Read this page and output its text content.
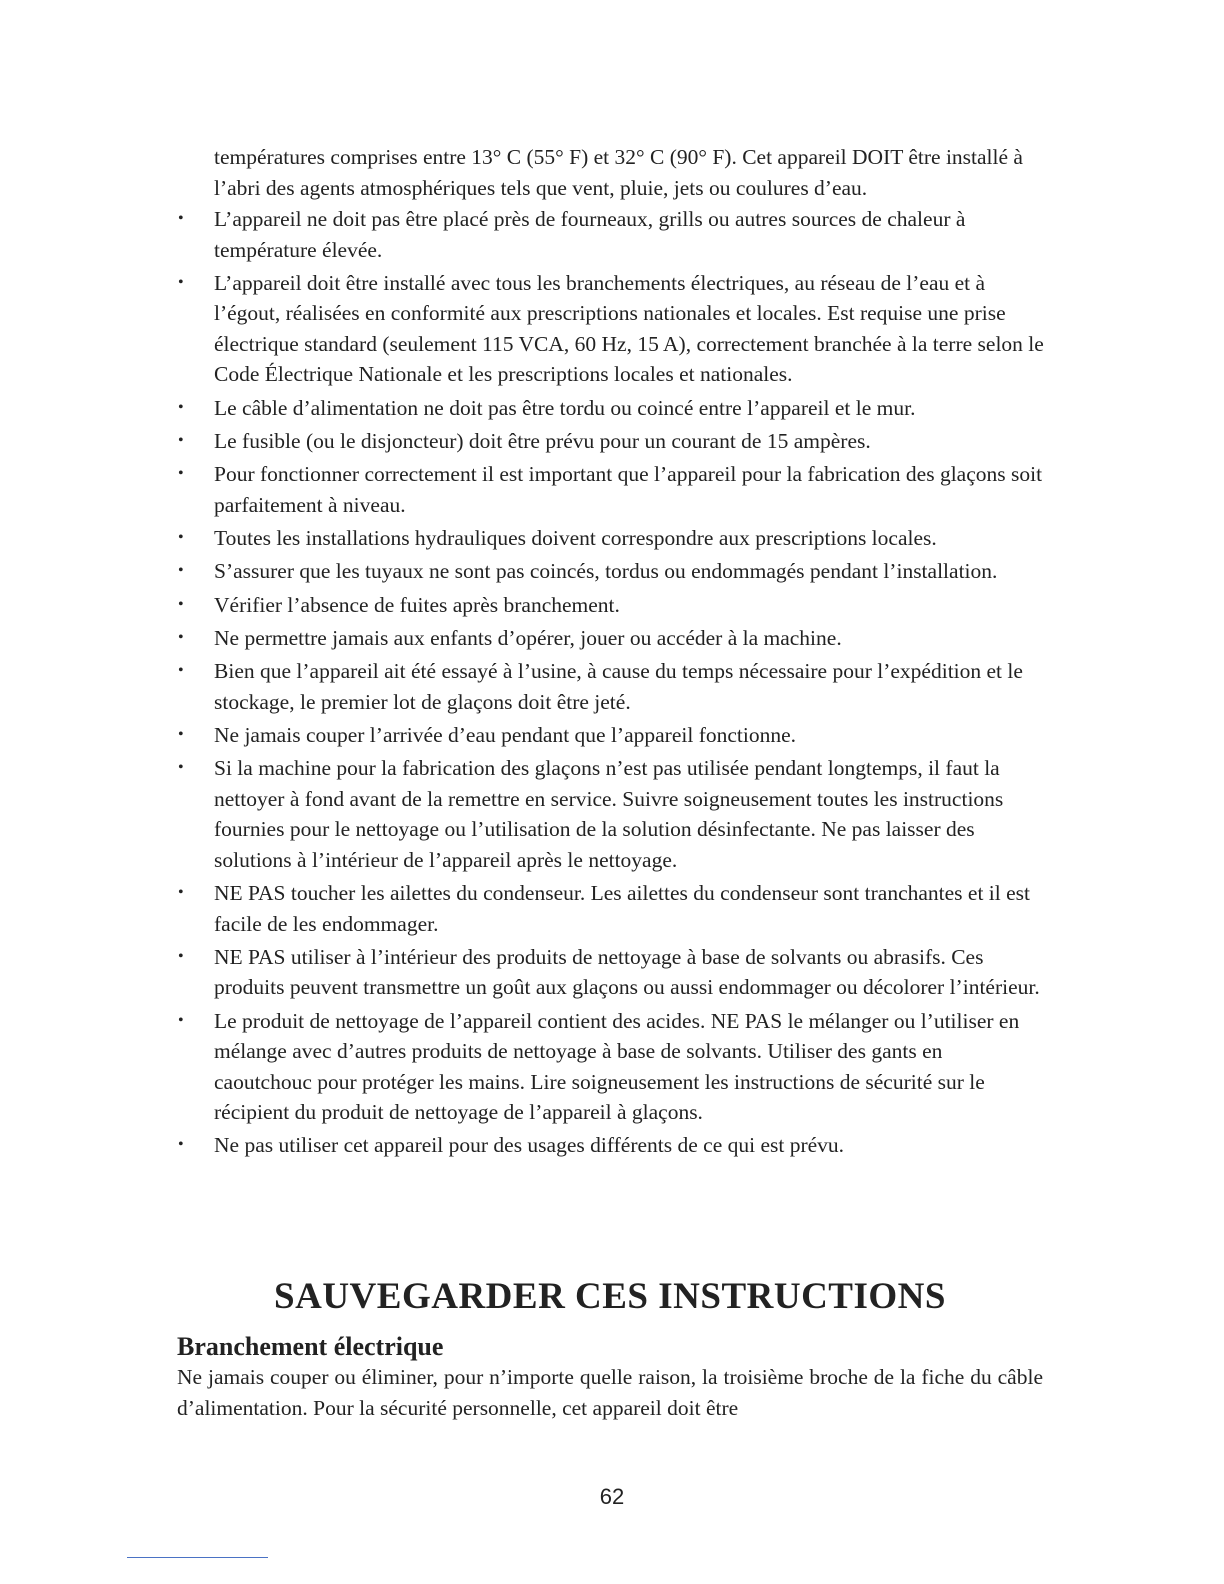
températures comprises entre 13° C (55° F) et 32° C (90° F). Cet appareil DOIT être installé à l’abri des agents atmosphériques tels que vent, pluie, jets ou coulures d’eau.
• L’appareil ne doit pas être placé près de fourneaux, grills ou autres sources de chaleur à température élevée.
• L’appareil doit être installé avec tous les branchements électriques, au réseau de l’eau et à l’égout, réalisées en conformité aux prescriptions nationales et locales. Est requise une prise électrique standard (seulement 115 VCA, 60 Hz, 15 A), correctement branchée à la terre selon le Code Électrique Nationale et les prescriptions locales et nationales.
• Le câble d’alimentation ne doit pas être tordu ou coincé entre l’appareil et le mur.
• Le fusible (ou le disjoncteur) doit être prévu pour un courant de 15 ampères.
• Pour fonctionner correctement il est important que l’appareil pour la fabrication des glaçons soit parfaitement à niveau.
• Toutes les installations hydrauliques doivent correspondre aux prescriptions locales.
• S’assurer que les tuyaux ne sont pas coincés, tordus ou endommagés pendant l’installation.
• Vérifier l’absence de fuites après branchement.
• Ne permettre jamais aux enfants d’opérer, jouer ou accéder à la machine.
• Bien que l’appareil ait été essayé à l’usine, à cause du temps nécessaire pour l’expédition et le stockage, le premier lot de glaçons doit être jeté.
• Ne jamais couper l’arrivée d’eau pendant que l’appareil fonctionne.
• Si la machine pour la fabrication des glaçons n’est pas utilisée pendant longtemps, il faut la nettoyer à fond avant de la remettre en service. Suivre soigneusement toutes les instructions fournies pour le nettoyage ou l’utilisation de la solution désinfectante. Ne pas laisser des solutions à l’intérieur de l’appareil après le nettoyage.
• NE PAS toucher les ailettes du condenseur. Les ailettes du condenseur sont tranchantes et il est facile de les endommager.
• NE PAS utiliser à l’intérieur des produits de nettoyage à base de solvants ou abrasifs. Ces produits peuvent transmettre un goût aux glaçons ou aussi endommager ou décolorer l’intérieur.
• Le produit de nettoyage de l’appareil contient des acides. NE PAS le mélanger ou l’utiliser en mélange avec d’autres produits de nettoyage à base de solvants. Utiliser des gants en caoutchouc pour protéger les mains. Lire soigneusement les instructions de sécurité sur le récipient du produit de nettoyage de l’appareil à glaçons.
• Ne pas utiliser cet appareil pour des usages différents de ce qui est prévu.
SAUVEGARDER CES INSTRUCTIONS
Branchement électrique
Ne jamais couper ou éliminer, pour n’importe quelle raison, la troisième broche de la fiche du câble d’alimentation. Pour la sécurité personnelle, cet appareil doit être
62
